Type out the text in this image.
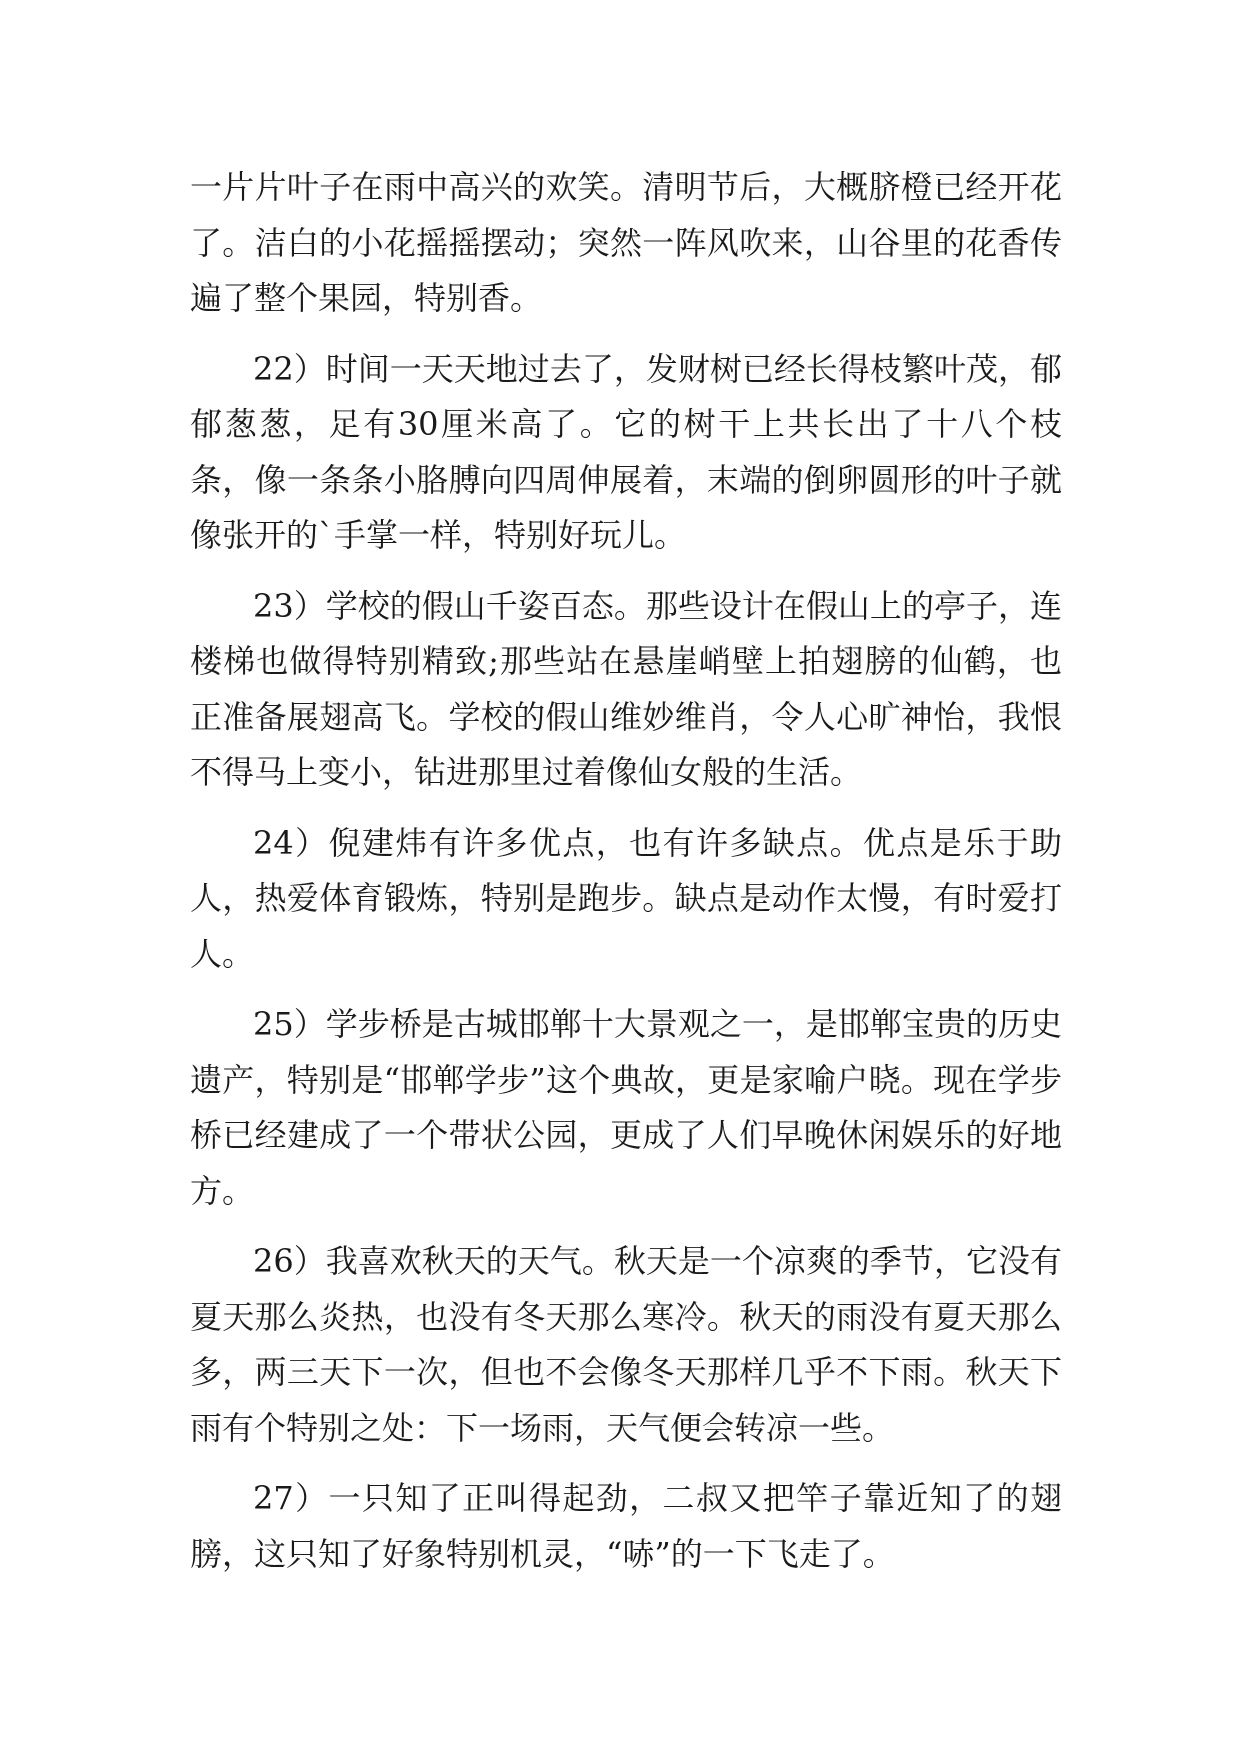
一片片叶子在雨中高兴的欢笑。清明节后，大概脐橙已经开花了。洁白的小花摇摇摆动；突然一阵风吹来，山谷里的花香传遍了整个果园，特别香。

22）时间一天天地过去了，发财树已经长得枝繁叶茂，郁郁葱葱，足有30厘米高了。它的树干上共长出了十八个枝条，像一条条小胳膊向四周伸展着，末端的倒卵圆形的叶子就像张开的`手掌一样，特别好玩儿。

23）学校的假山千姿百态。那些设计在假山上的亭子，连楼梯也做得特别精致;那些站在悬崖峭壁上拍翅膀的仙鹤，也正准备展翅高飞。学校的假山维妙维肖，令人心旷神怡，我恨不得马上变小，钻进那里过着像仙女般的生活。

24）倪建炜有许多优点，也有许多缺点。优点是乐于助人，热爱体育锻炼，特别是跑步。缺点是动作太慢，有时爱打人。

25）学步桥是古城邯郸十大景观之一，是邯郸宝贵的历史遗产，特别是“邯郸学步”这个典故，更是家喻户晓。现在学步桥已经建成了一个带状公园，更成了人们早晚休闲娱乐的好地方。

26）我喜欢秋天的天气。秋天是一个凉爽的季节，它没有夏天那么炎热，也没有冬天那么寒冷。秋天的雨没有夏天那么多，两三天下一次，但也不会像冬天那样几乎不下雨。秋天下雨有个特别之处：下一场雨，天气便会转凉一些。

27）一只知了正叫得起劲，二叔又把竿子靠近知了的翅膀，这只知了好象特别机灵，“哧”的一下飞走了。
